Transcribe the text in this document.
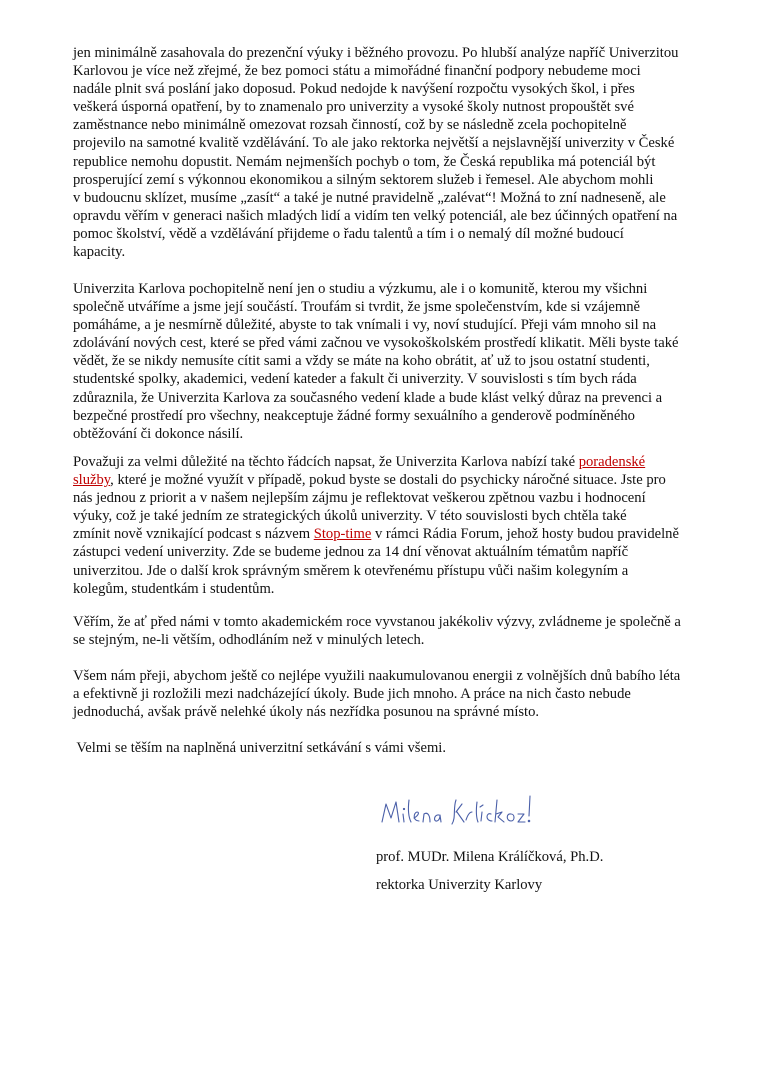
jen minimálně zasahovala do prezenční výuky i běžného provozu. Po hlubší analýze napříč Univerzitou
Karlovou je více než zřejmé, že bez pomoci státu a mimořádné finanční podpory nebudeme moci
nadále plnit svá poslání jako doposud. Pokud nedojde k navýšení rozpočtu vysokých škol, i přes
veškerá úsporná opatření, by to znamenalo pro univerzity a vysoké školy nutnost propouštět své
zaměstnance nebo minimálně omezovat rozsah činností, což by se následně zcela pochopitelně
projevilo na samotné kvalitě vzdělávání. To ale jako rektorka největší a nejslavnější univerzity v České
republice nemohu dopustit. Nemám nejmenších pochyb o tom, že Česká republika má potenciál být
prosperující zemí s výkonnou ekonomikou a silným sektorem služeb i řemesel. Ale abychom mohli
v budoucnu sklízet, musíme „zasít“ a také je nutné pravidelně „zalévat“! Možná to zní nadneseně, ale
opravdu věřím v generaci našich mladých lidí a vidím ten velký potenciál, ale bez účinných opatření na
pomoc školství, vědě a vzdělávání přijdeme o řadu talentů a tím i o nemalý díl možné budoucí
kapacity.

Univerzita Karlova pochopitelně není jen o studiu a výzkumu, ale i o komunitě, kterou my všichni
společně utváříme a jsme její součástí. Troufám si tvrdit, že jsme společenstvím, kde si vzájemně
pomáháme, a je nesmírně důležité, abyste to tak vnímali i vy, noví studující. Přeji vám mnoho sil na
zdolávání nových cest, které se před vámi začnou ve vysokoškolském prostředí klikatit. Měli byste také
vědět, že se nikdy nemusíte cítit sami a vždy se máte na koho obrátit, ať už to jsou ostatní studenti,
studentské spolky, akademici, vedení kateder a fakult či univerzity. V souvislosti s tím bych ráda
zdůraznila, že Univerzita Karlova za současného vedení klade a bude klást velký důraz na prevenci a
bezpečné prostředí pro všechny, neakceptuje žádné formy sexuálního a genderově podmíněného
obtěžování či dokonce násilí.

Považuji za velmi důležité na těchto řádcích napsat, že Univerzita Karlova nabízí také poradenské
služby, které je možné využít v případě, pokud byste se dostali do psychicky náročné situace. Jste pro
nás jednou z priorit a v našem nejlepším zájmu je reflektovat veškerou zpětnou vazbu i hodnocení
výuky, což je také jedním ze strategických úkolů univerzity. V této souvislosti bych chtěla také
zmínit nově vznikající podcast s názvem Stop-time v rámci Rádia Forum, jehož hosty budou pravidelně
zástupci vedení univerzity. Zde se budeme jednou za 14 dní věnovat aktuálním tématům napříč
univerzitou. Jde o další krok správným směrem k otevřenému přístupu vůči našim kolegyním a
kolegům, studentkám i studentům.

Věřím, že ať před námi v tomto akademickém roce vyvstanou jakékoliv výzvy, zvládneme je společně a
se stejným, ne-li větším, odhodláním než v minulých letech.

Všem nám přeji, abychom ještě co nejlépe využili naakumulovanou energii z volnějších dnů babího léta
a efektivně ji rozložili mezi nadcházející úkoly. Bude jich mnoho. A práce na nich často nebude
jednoduchá, avšak právě nelehké úkoly nás nezřídka posunou na správné místo.

Velmi se těším na naplněná univerzitní setkávání s vámi všemi.

prof. MUDr. Milena Králíčková, Ph.D.
rektorka Univerzity Karlovy
